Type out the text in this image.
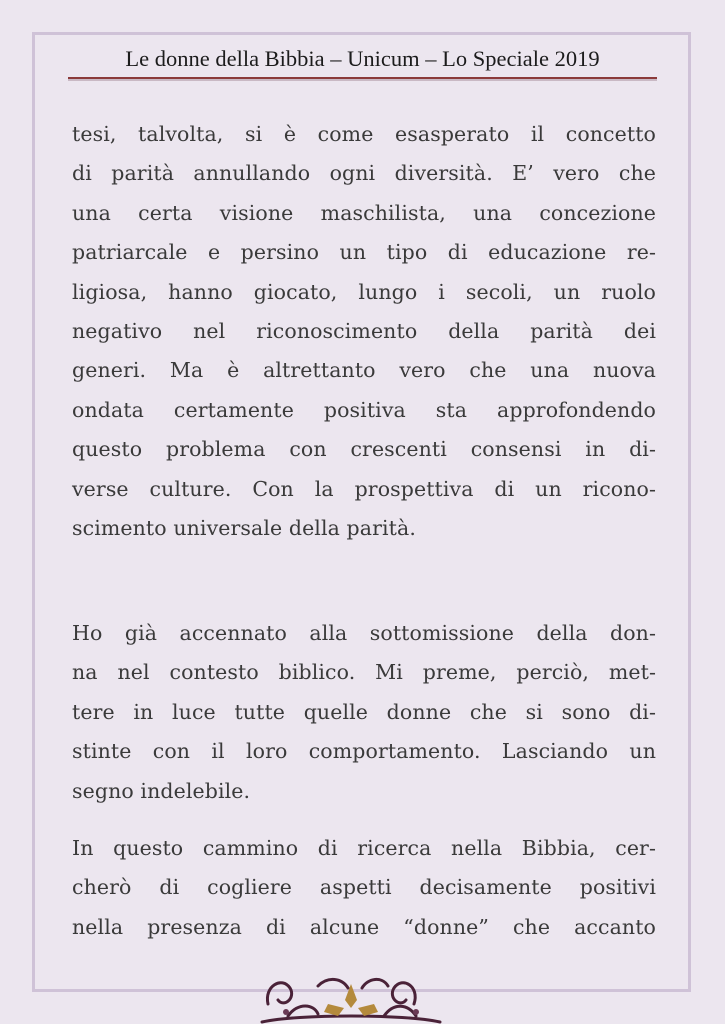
Le donne della Bibbia – Unicum – Lo Speciale 2019
tesi, talvolta, si è come esasperato il concetto
di parità annullando ogni diversità. E’ vero che
una certa visione maschilista, una concezione
patriarcale e persino un tipo di educazione re-
ligiosa, hanno giocato, lungo i secoli, un ruolo
negativo nel riconoscimento della parità dei
generi. Ma è altrettanto vero che una nuova
ondata certamente positiva sta approfondendo
questo problema con crescenti consensi in di-
verse culture. Con la prospettiva di un ricono-
scimento universale della parità.
Ho già accennato alla sottomissione della don-
na nel contesto biblico. Mi preme, perciò, met-
tere in luce tutte quelle donne che si sono di-
stinte con il loro comportamento. Lasciando un
segno indelebile.
In questo cammino di ricerca nella Bibbia, cer-
cherò di cogliere aspetti decisamente positivi
nella presenza di alcune “donne” che accanto
